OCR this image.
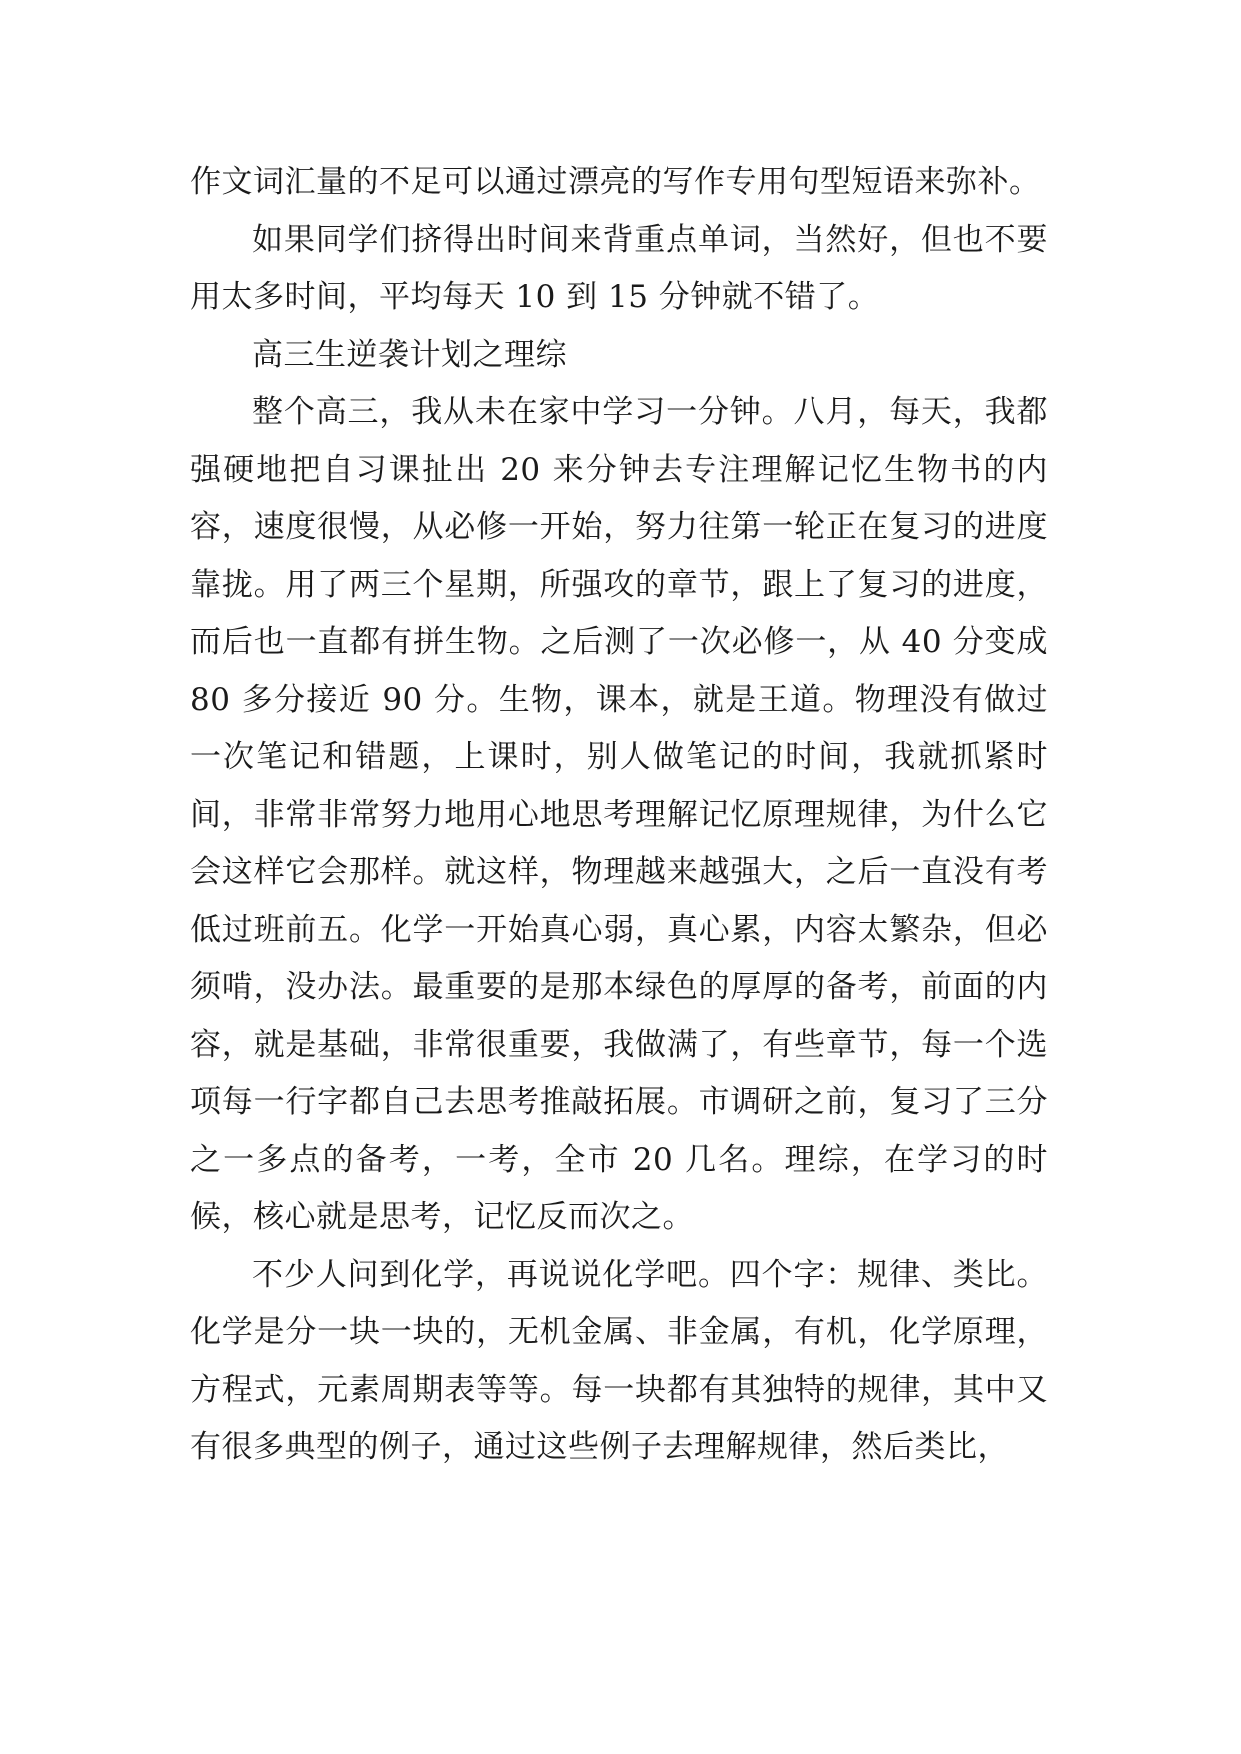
作文词汇量的不足可以通过漂亮的写作专用句型短语来弥补。

如果同学们挤得出时间来背重点单词，当然好，但也不要用太多时间，平均每天 10 到 15 分钟就不错了。

高三生逆袭计划之理综

整个高三，我从未在家中学习一分钟。八月，每天，我都强硬地把自习课扯出 20 来分钟去专注理解记忆生物书的内容，速度很慢，从必修一开始，努力往第一轮正在复习的进度靠拢。用了两三个星期，所强攻的章节，跟上了复习的进度，而后也一直都有拼生物。之后测了一次必修一，从 40 分变成 80 多分接近 90 分。生物，课本，就是王道。物理没有做过一次笔记和错题，上课时，别人做笔记的时间，我就抓紧时间，非常非常努力地用心地思考理解记忆原理规律，为什么它会这样它会那样。就这样，物理越来越强大，之后一直没有考低过班前五。化学一开始真心弱，真心累，内容太繁杂，但必须啃，没办法。最重要的是那本绿色的厚厚的备考，前面的内容，就是基础，非常很重要，我做满了，有些章节，每一个选项每一行字都自己去思考推敲拓展。市调研之前，复习了三分之一多点的备考，一考，全市 20 几名。理综，在学习的时候，核心就是思考，记忆反而次之。

不少人问到化学，再说说化学吧。四个字：规律、类比。化学是分一块一块的，无机金属、非金属，有机，化学原理，方程式，元素周期表等等。每一块都有其独特的规律，其中又有很多典型的例子，通过这些例子去理解规律，然后类比，
